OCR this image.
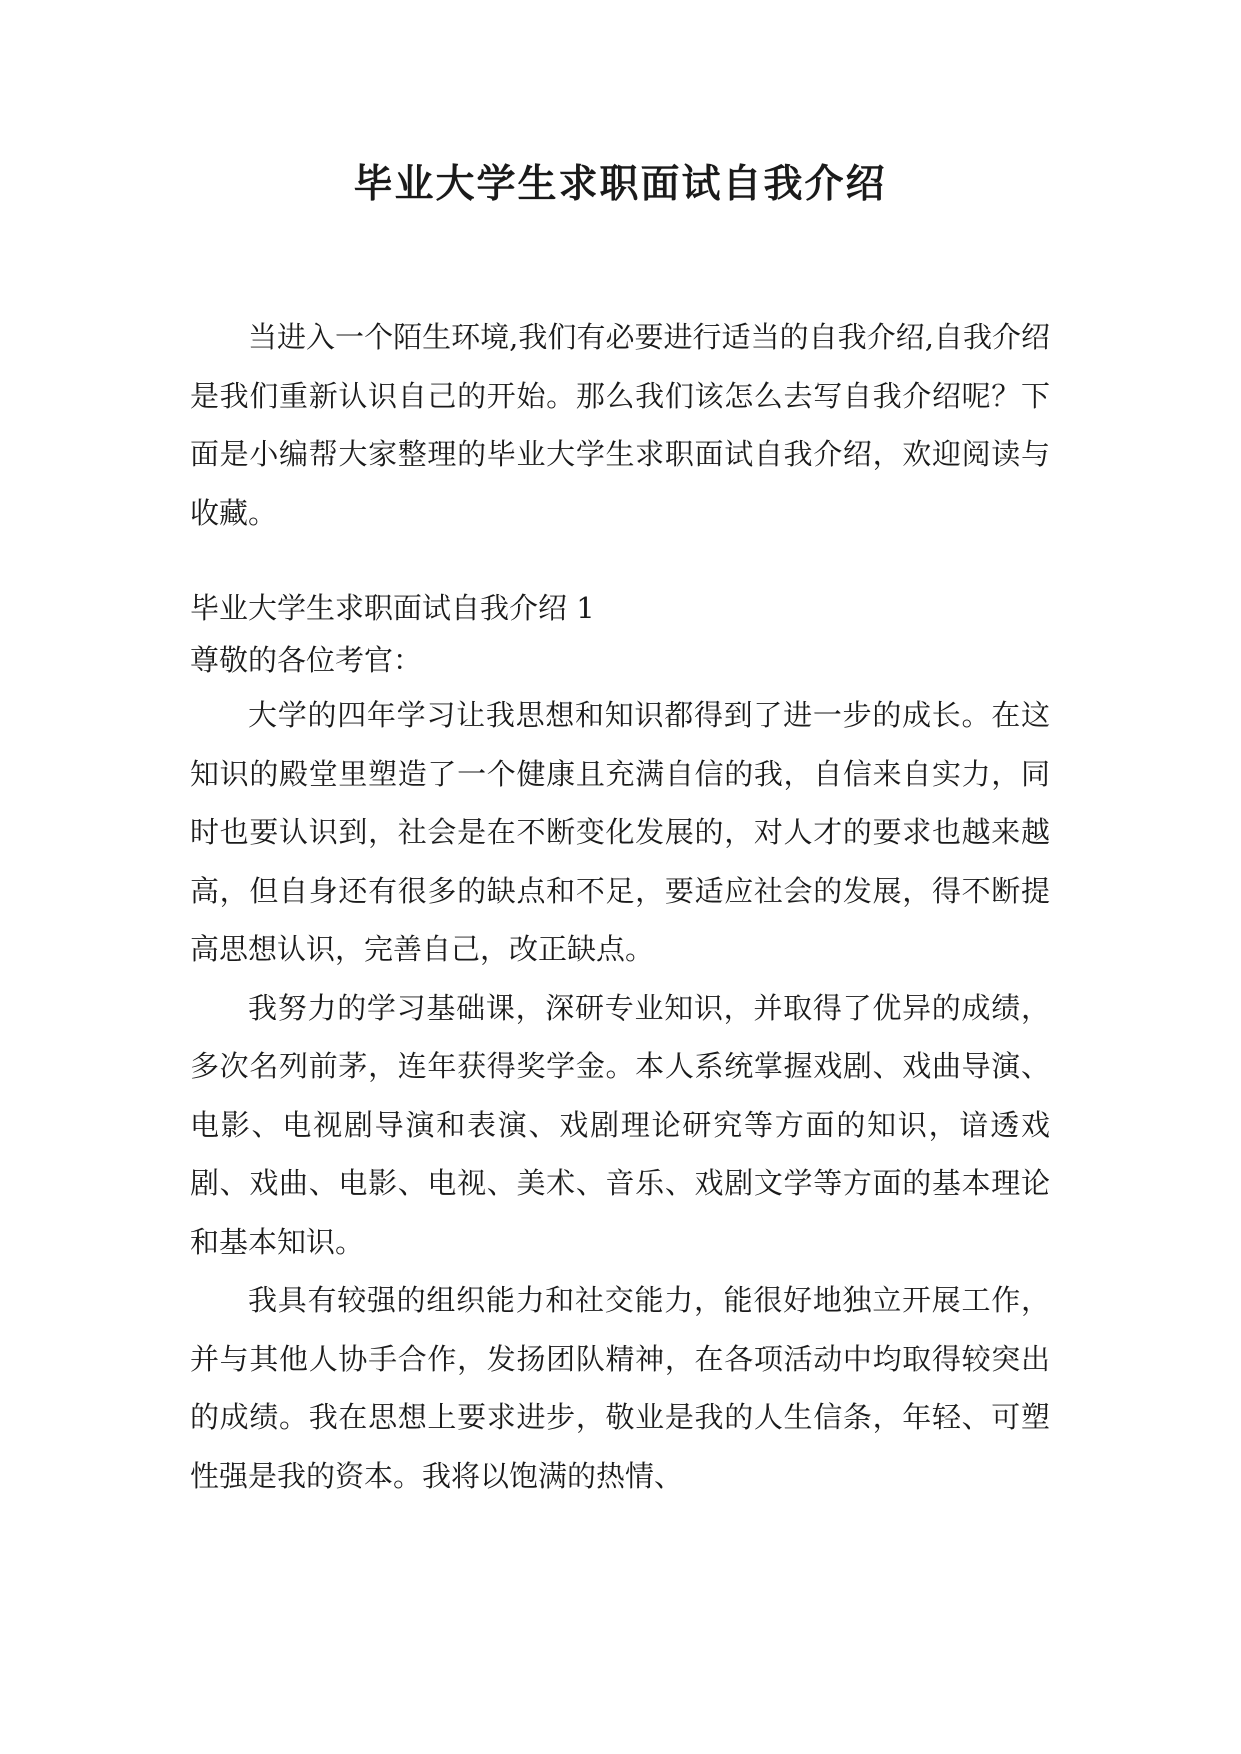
毕业大学生求职面试自我介绍

当进入一个陌生环境,我们有必要进行适当的自我介绍,自我介绍是我们重新认识自己的开始。那么我们该怎么去写自我介绍呢？下面是小编帮大家整理的毕业大学生求职面试自我介绍，欢迎阅读与收藏。

毕业大学生求职面试自我介绍 1

尊敬的各位考官：

大学的四年学习让我思想和知识都得到了进一步的成长。在这知识的殿堂里塑造了一个健康且充满自信的我，自信来自实力，同时也要认识到，社会是在不断变化发展的，对人才的要求也越来越高，但自身还有很多的缺点和不足，要适应社会的发展，得不断提高思想认识，完善自己，改正缺点。

我努力的学习基础课，深研专业知识，并取得了优异的成绩，多次名列前茅，连年获得奖学金。本人系统掌握戏剧、戏曲导演、电影、电视剧导演和表演、戏剧理论研究等方面的知识，谙透戏剧、戏曲、电影、电视、美术、音乐、戏剧文学等方面的基本理论和基本知识。

我具有较强的组织能力和社交能力，能很好地独立开展工作，并与其他人协手合作，发扬团队精神，在各项活动中均取得较突出的成绩。我在思想上要求进步，敬业是我的人生信条，年轻、可塑性强是我的资本。我将以饱满的热情、
